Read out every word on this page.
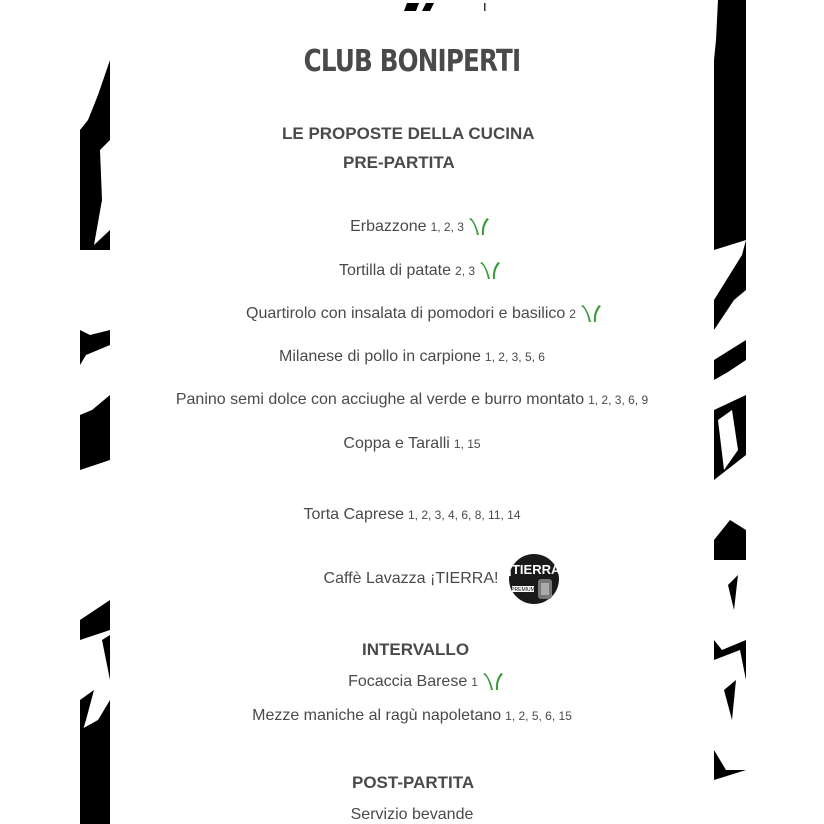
CLUB BONIPERTI
LE PROPOSTE DELLA CUCINA
PRE-PARTITA
Erbazzone 1, 2, 3
Tortilla di patate 2, 3
Quartirolo con insalata di pomodori e basilico 2
Milanese di pollo in carpione 1, 2, 3, 5, 6
Panino semi dolce con acciughe al verde e burro montato 1, 2, 3, 6, 9
Coppa e Taralli 1, 15
Torta Caprese 1, 2, 3, 4, 6, 8, 11, 14
Caffè Lavazza ¡TIERRA!
¡TIERRA
PREMIUM
INTERVALLO
Focaccia Barese 1
Mezze maniche al ragù napoletano 1, 2, 5, 6, 15
POST-PARTITA
Servizio bevande
